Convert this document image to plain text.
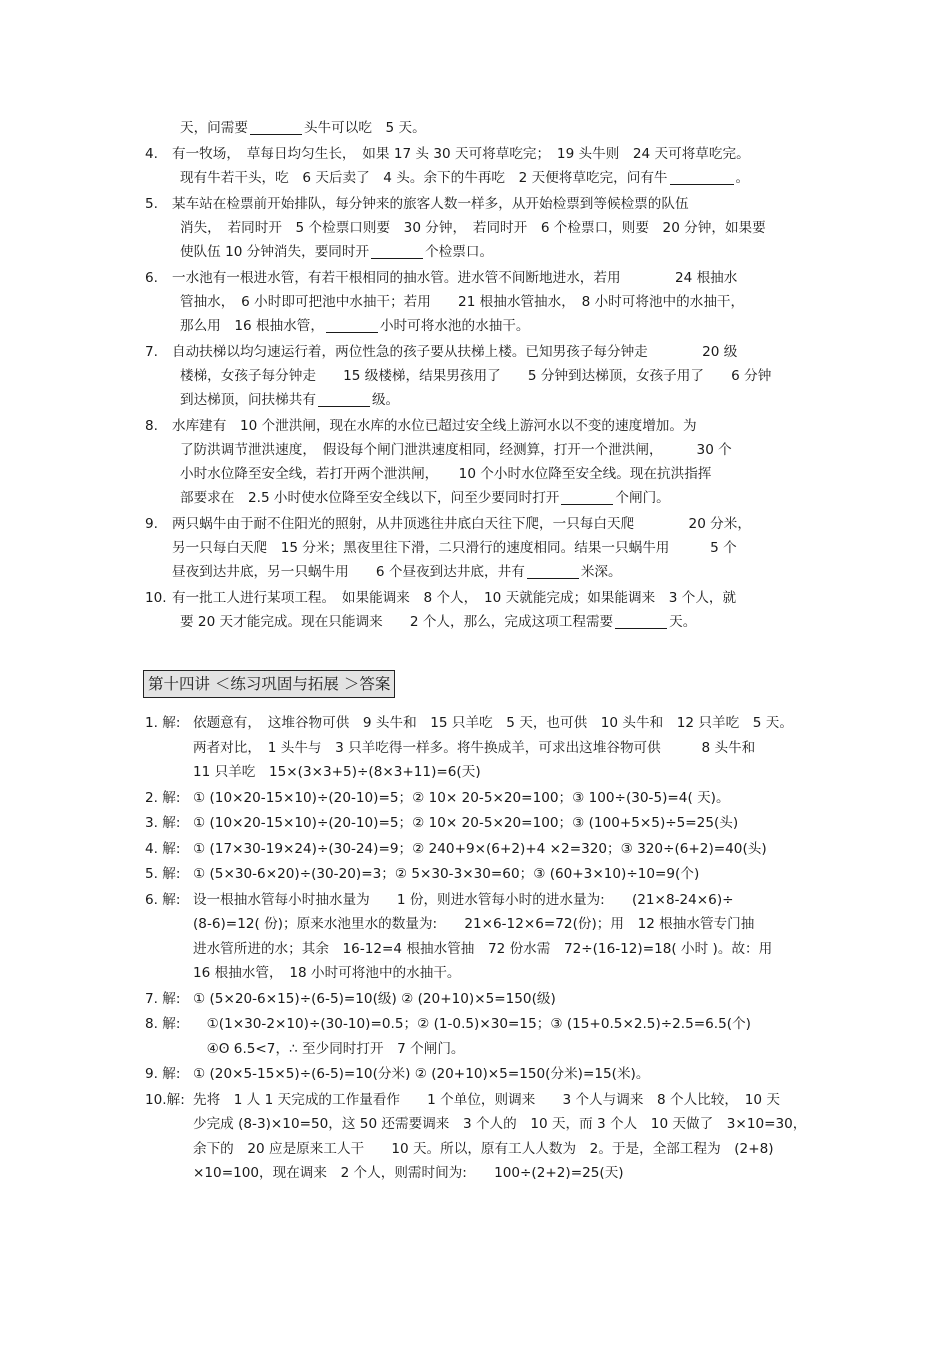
天，问需要	头牛可以吃　5 天。
4.	有一牧场，　草每日均匀生长，　如果 17 头 30 天可将草吃完；　19 头牛则　24 天可将草吃完。
现有牛若干头，吃　6 天后卖了　4 头。余下的牛再吃　2 天便将草吃完，问有牛	。
5.	某车站在检票前开始排队，每分钟来的旅客人数一样多，从开始检票到等候检票的队伍
消失，　若同时开　5 个检票口则要　30 分钟，　若同时开　6 个检票口，则要　20 分钟，如果要
使队伍 10 分钟消失，要同时开	个检票口。
6.	一水池有一根进水管，有若干根相同的抽水管。进水管不间断地进水，若用　　　　24 根抽水
管抽水，　6 小时即可把池中水抽干；若用　　21 根抽水管抽水，　8 小时可将池中的水抽干，
那么用　16 根抽水管，	小时可将水池的水抽干。
7.	自动扶梯以均匀速运行着，两位性急的孩子要从扶梯上楼。已知男孩子每分钟走　　　　20 级
楼梯，女孩子每分钟走　　15 级楼梯，结果男孩用了　　5 分钟到达梯顶，女孩子用了　　6 分钟
到达梯顶，问扶梯共有	级。
8.	水库建有　10 个泄洪闸，现在水库的水位已超过安全线上游河水以不变的速度增加。为
了防洪调节泄洪速度，　假设每个闸门泄洪速度相同，经测算，打开一个泄洪闸，　　　30 个
小时水位降至安全线，若打开两个泄洪闸，　　10 个小时水位降至安全线。现在抗洪指挥
部要求在　2.5 小时使水位降至安全线以下，问至少要同时打开	个闸门。
9.	两只蜗牛由于耐不住阳光的照射，从井顶逃往井底白天往下爬，一只每白天爬　　　　20 分米，
另一只每白天爬　15 分米；黑夜里往下滑，二只滑行的速度相同。结果一只蜗牛用　　　5 个
昼夜到达井底，另一只蜗牛用　　6 个昼夜到达井底，井有	米深。
10. 有一批工人进行某项工程。　如果能调来　8 个人，　10 天就能完成；如果能调来　3 个人，就
要 20 天才能完成。现在只能调来　　2 个人，那么，完成这项工程需要	天。
第十四讲 ＜练习巩固与拓展 ＞答案
1. 解: 依题意有，　这堆谷物可供　9 头牛和　15 只羊吃　5 天，也可供　10 头牛和　12 只羊吃　5 天。
两者对比，　1 头牛与　3 只羊吃得一样多。将牛换成羊，可求出这堆谷物可供　　　8 头牛和
11 只羊吃　15×(3×3+5)÷(8×3+11)=6(天)
2. 解: ① (10×20-15×10)÷(20-10)=5；② 10× 20-5×20=100；③ 100÷(30-5)=4( 天)。
3. 解: ① (10×20-15×10)÷(20-10)=5；② 10× 20-5×20=100；③ (100+5×5)÷5=25(头)
4. 解: ① (17×30-19×24)÷(30-24)=9；② 240+9×(6+2)+4 ×2=320；③ 320÷(6+2)=40(头)
5. 解: ① (5×30-6×20)÷(30-20)=3；② 5×30-3×30=60；③ (60+3×10)÷10=9(个)
6. 解: 设一根抽水管每小时抽水量为　　1 份，则进水管每小时的进水量为:　　(21×8-24×6)÷
(8-6)=12( 份)；原来水池里水的数量为:　　21×6-12×6=72(份)；用　12 根抽水管专门抽
进水管所进的水；其余　16-12=4 根抽水管抽　72 份水需　72÷(16-12)=18( 小时 )。故：用
16 根抽水管，　18 小时可将池中的水抽干。
7. 解: ① (5×20-6×15)÷(6-5)=10(级) ② (20+10)×5=150(级)
8. 解: 　①(1×30-2×10)÷(30-10)=0.5；② (1-0.5)×30=15；③ (15+0.5×2.5)÷2.5=6.5(个)
　④ʘ 6.5<7，∴ 至少同时打开　7 个闸门。
9. 解: ① (20×5-15×5)÷(6-5)=10(分米) ② (20+10)×5=150(分米)=15(米)。
10.解: 先将　1 人 1 天完成的工作量看作　　1 个单位，则调来　　3 个人与调来　8 个人比较，　10 天
少完成 (8-3)×10=50，这 50 还需要调来　3 个人的　10 天，而 3 个人　10 天做了　3×10=30，
余下的　20 应是原来工人干　　10 天。所以，原有工人人数为　2。于是，全部工程为　(2+8)
×10=100，现在调来　2 个人，则需时间为:　　100÷(2+2)=25(天)
